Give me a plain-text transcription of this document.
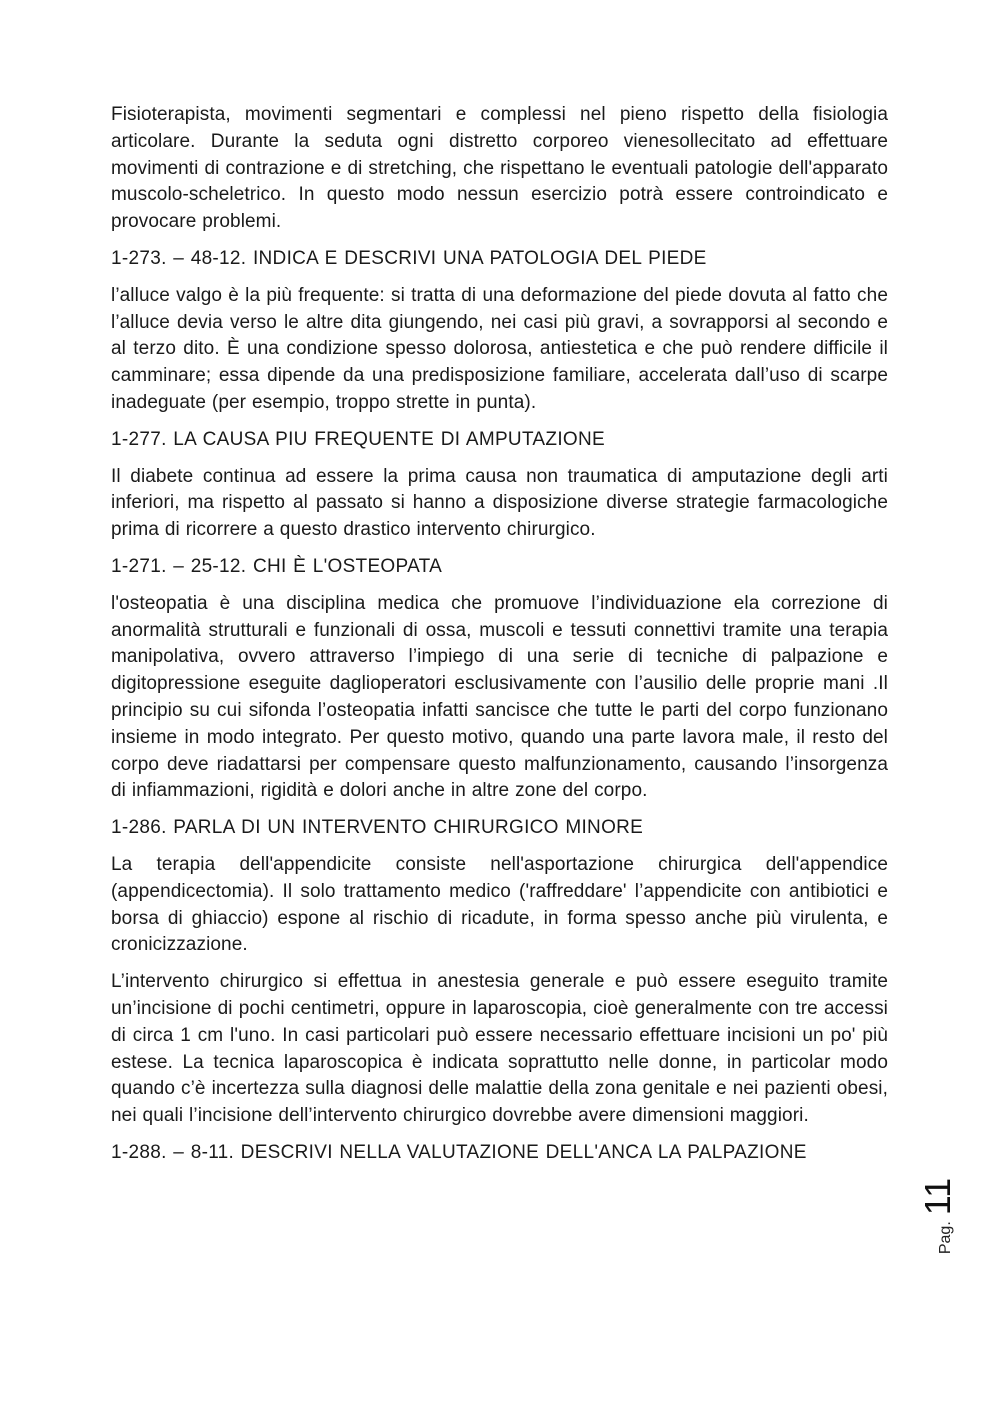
Fisioterapista, movimenti segmentari e complessi nel pieno rispetto della fisiologia articolare. Durante la seduta ogni distretto corporeo vienesollecitato ad effettuare movimenti di contrazione e di stretching, che rispettano le eventuali patologie dell'apparato muscolo-scheletrico. In questo modo nessun esercizio potrà essere controindicato e provocare problemi.

1-273. – 48-12. INDICA E DESCRIVI UNA PATOLOGIA DEL PIEDE

l’alluce valgo è la più frequente: si tratta di una deformazione del piede dovuta al fatto che l’alluce devia verso le altre dita giungendo, nei casi più gravi, a sovrapporsi al secondo e al terzo dito. È una condizione spesso dolorosa, antiestetica e che può rendere difficile il camminare; essa dipende da una predisposizione familiare, accelerata dall’uso di scarpe inadeguate (per esempio, troppo strette in punta).

1-277. LA CAUSA PIU FREQUENTE DI AMPUTAZIONE

Il diabete continua ad essere la prima causa non traumatica di amputazione degli arti inferiori, ma rispetto al passato si hanno a disposizione diverse strategie farmacologiche prima di ricorrere a questo drastico intervento chirurgico.

1-271. – 25-12. CHI È L'OSTEOPATA

l'osteopatia è una disciplina medica che promuove l’individuazione ela correzione di anormalità strutturali e funzionali di ossa, muscoli e tessuti connettivi tramite una terapia manipolativa, ovvero attraverso l’impiego di una serie di tecniche di palpazione e digitopressione eseguite daglioperatori esclusivamente con l’ausilio delle proprie mani .Il principio su cui sifonda l’osteopatia infatti sancisce che tutte le parti del corpo funzionano insieme in modo integrato. Per questo motivo, quando una parte lavora male, il resto del corpo deve riadattarsi per compensare questo malfunzionamento, causando l’insorgenza di infiammazioni, rigidità e dolori anche in altre zone del corpo.

1-286. PARLA DI UN INTERVENTO CHIRURGICO MINORE

La terapia dell'appendicite consiste nell'asportazione chirurgica dell'appendice (appendicectomia). Il solo trattamento medico ('raffreddare' l’appendicite con antibiotici e borsa di ghiaccio) espone al rischio di ricadute, in forma spesso anche più virulenta, e cronicizzazione.

L’intervento chirurgico si effettua in anestesia generale e può essere eseguito tramite un’incisione di pochi centimetri, oppure in laparoscopia, cioè generalmente con tre accessi di circa 1 cm l'uno. In casi particolari può essere necessario effettuare incisioni un po' più estese. La tecnica laparoscopica è indicata soprattutto nelle donne, in particolar modo quando c’è incertezza sulla diagnosi delle malattie della zona genitale e nei pazienti obesi, nei quali l’incisione dell’intervento chirurgico dovrebbe avere dimensioni maggiori.

1-288. – 8-11. DESCRIVI NELLA VALUTAZIONE DELL'ANCA LA PALPAZIONE

Pag.
11
